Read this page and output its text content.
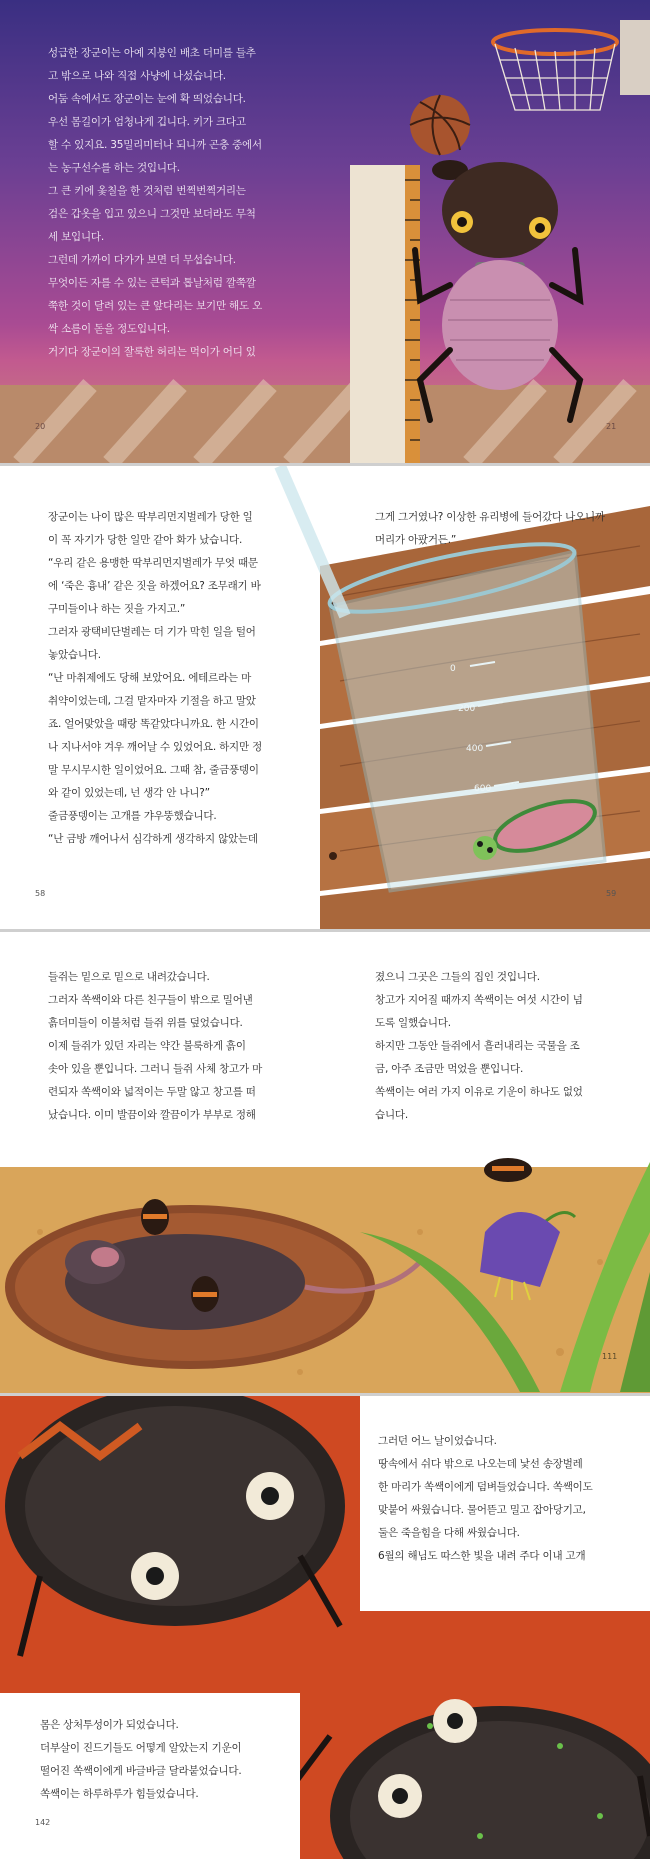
성급한 장군이는 아예 지붕인 배초 더미를 들추

고 밖으로 나와 직접 사냥에 나섰습니다.

어둠 속에서도 장군이는 눈에 확 띄었습니다.

우선 몸길이가 엄청나게 깁니다. 키가 크다고

할 수 있지요. 35밀리미터나 되니까 곤충 중에서

는 농구선수를 하는 것입니다.

그 큰 키에 옻칠을 한 것처럼 번쩍번쩍거리는

검은 갑옷을 입고 있으니 그것만 보더라도 무척

세 보입니다.

그런데 가까이 다가가 보면 더 무섭습니다.

무엇이든 자를 수 있는 큰턱과 톱날처럼 깔쭉깔

쭉한 것이 달려 있는 큰 앞다리는 보기만 해도 오

싹 소름이 돋을 정도입니다.

거기다 장군이의 잘룩한 허리는 먹이가 어디 있

20	21
0
200
400
600

장군이는 나이 많은 딱부리먼지벌레가 당한 일

이 꼭 자기가 당한 일만 같아 화가 났습니다.

“우리 같은 용맹한 딱부리먼지벌레가 무엇 때문

에 ‘죽은 흉내’ 같은 짓을 하겠어요? 조무래기 바

구미들이나 하는 짓을 가지고.”

그러자 광택비단벌레는 더 기가 막힌 일을 털어

놓았습니다.

“난 마취제에도 당해 보았어요. 에테르라는 마

취약이었는데, 그걸 맡자마자 기절을 하고 말았

죠. 얼어맞았을 때랑 똑같았다니까요. 한 시간이

나 지나서야 겨우 깨어날 수 있었어요. 하지만 정

말 무시무시한 일이었어요. 그때 참, 줄금풍뎅이

와 같이 있었는데, 넌 생각 안 나니?”

줄금풍뎅이는 고개를 갸우뚱했습니다.

“난 금방 깨어나서 심각하게 생각하지 않았는데

그게 그거였나? 이상한 유리병에 들어갔다 나오니까

머리가 아팠거든.”

58	59

들쥐는 밑으로 밑으로 내려갔습니다.

그러자 쏙쌕이와 다른 친구들이 밖으로 밀어낸

흙더미들이 이불처럼 들쥐 위를 덮었습니다.

이제 들쥐가 있던 자리는 약간 불룩하게 흙이

솟아 있을 뿐입니다. 그러니 들쥐 사체 창고가 마

련되자 쏙쌕이와 넓적이는 두말 않고 창고를 떠

났습니다. 이미 발끔이와 깔끔이가 부부로 정해

졌으니 그곳은 그들의 집인 것입니다.

창고가 지어질 때까지 쏙쌕이는 여섯 시간이 넘

도록 일했습니다.

하지만 그동안 들쥐에서 흘러내리는 국물을 조

금, 아주 조금만 먹었을 뿐입니다.

쏙쌕이는 여러 가지 이유로 기운이 하나도 없었

습니다.

111

그러던 어느 날이었습니다.

땅속에서 쉬다 밖으로 나오는데 낯선 송장벌레

한 마리가 쏙쌕이에게 덤벼들었습니다. 쏙쌕이도

맞붙어 싸웠습니다. 물어뜯고 밀고 잡아당기고,

둘은 죽을힘을 다해 싸웠습니다.

6월의 해님도 따스한 빛을 내려 주다 이내 고개

몸은 상처투성이가 되었습니다.

더부살이 진드기들도 어떻게 알았는지 기운이

떨어진 쏙쌕이에게 바글바글 달라붙었습니다.

쏙쌕이는 하루하루가 힘들었습니다.

142
